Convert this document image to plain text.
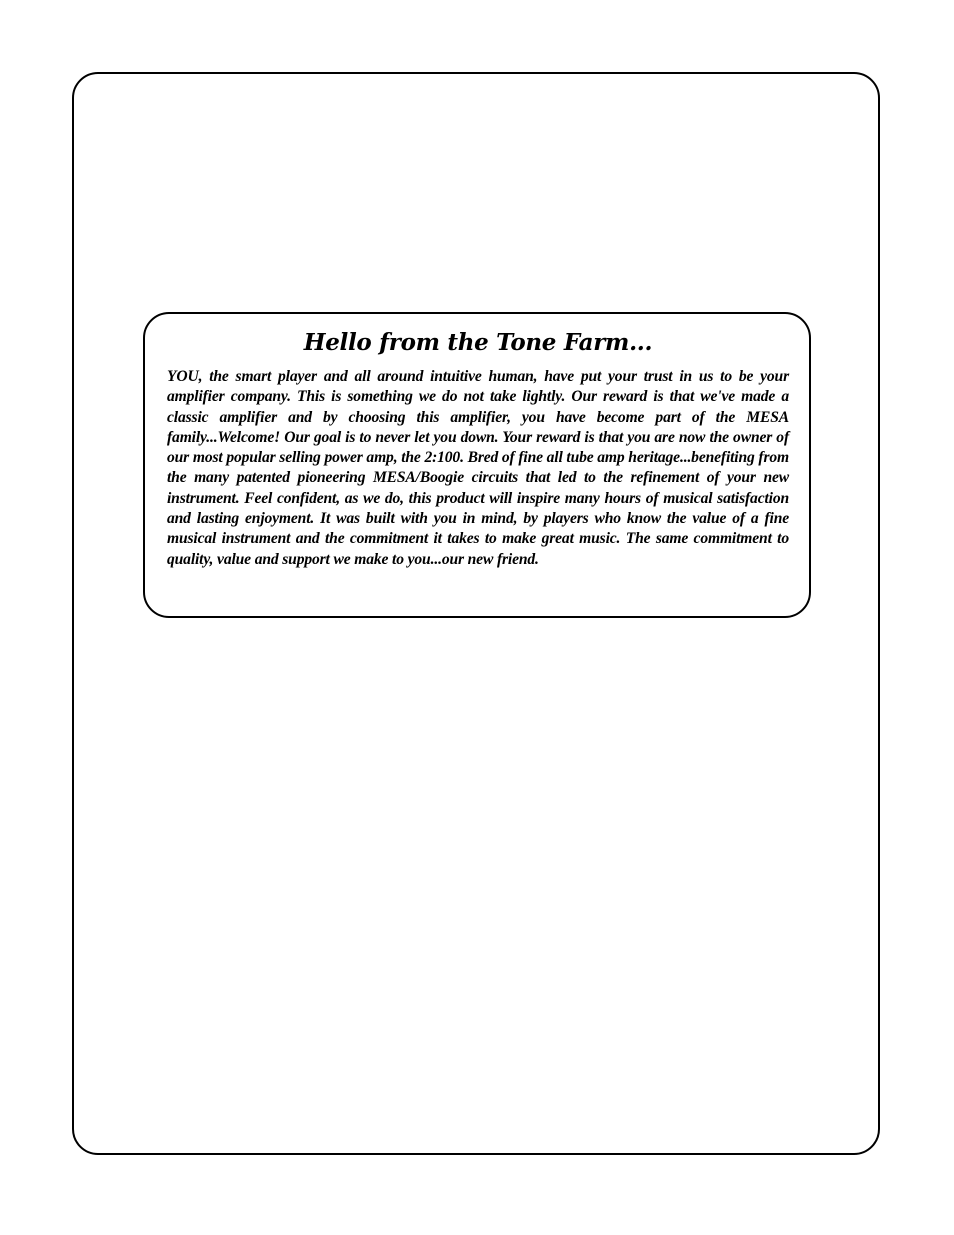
Hello from the Tone Farm...

YOU, the smart player and all around intuitive human, have put your trust in us to be your amplifier company. This is something we do not take lightly. Our reward is that we've made a classic amplifier and by choosing this amplifier, you have become part of the MESA family...Welcome! Our goal is to never let you down. Your reward is that you are now the owner of our most popular selling power amp, the 2:100. Bred of fine all tube amp heritage...benefiting from the many patented pioneering MESA/Boogie circuits that led to the refinement of your new instrument. Feel confident, as we do, this product will inspire many hours of musical satisfaction and lasting enjoyment. It was built with you in mind, by players who know the value of a fine musical instrument and the commitment it takes to make great music. The same commitment to quality, value and support we make to you...our new friend.
